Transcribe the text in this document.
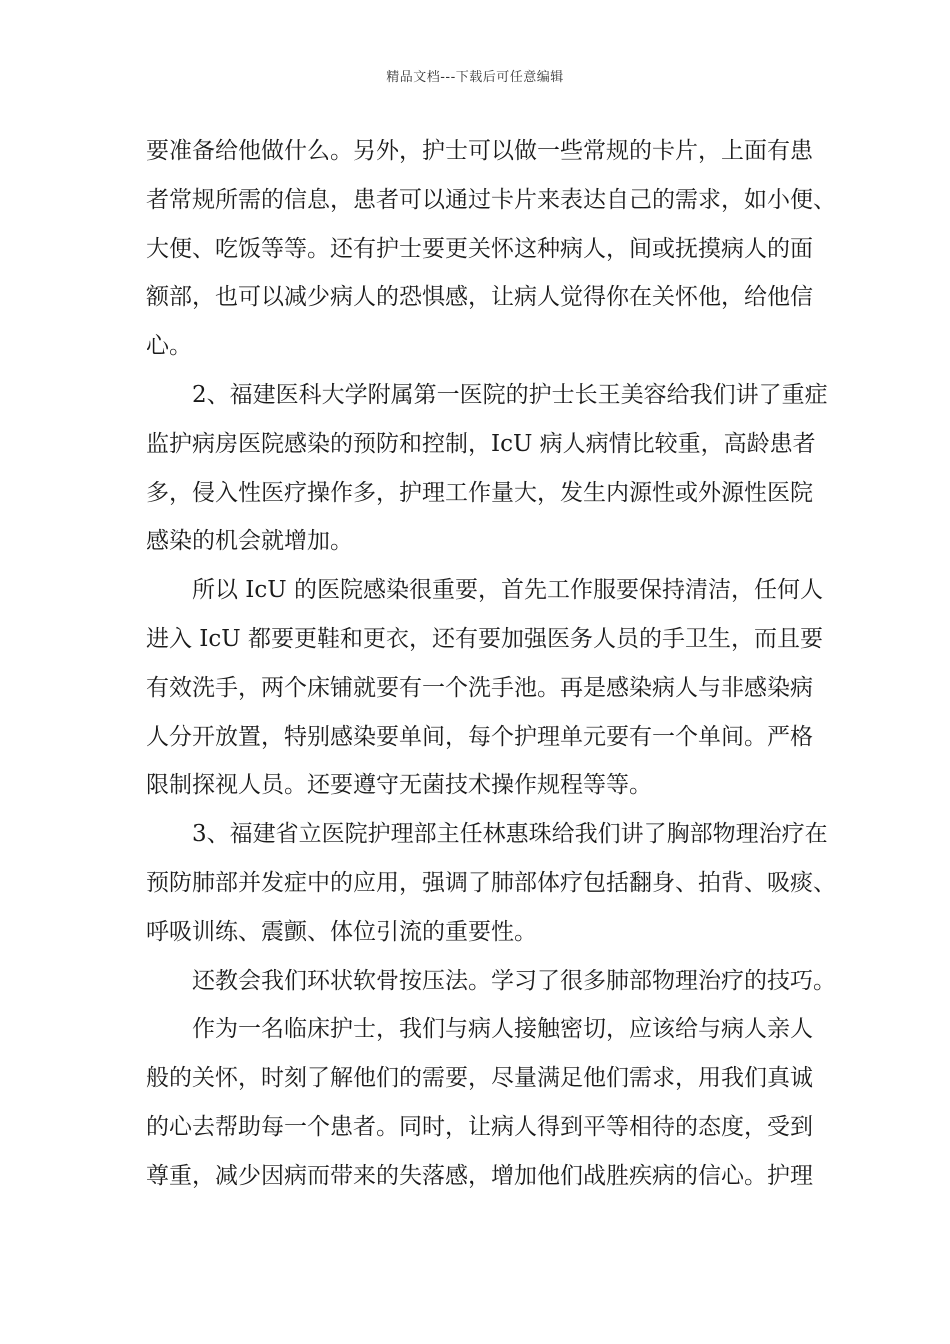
精品文档---下载后可任意编辑
要准备给他做什么。另外，护士可以做一些常规的卡片，上面有患
者常规所需的信息，患者可以通过卡片来表达自己的需求，如小便、
大便、吃饭等等。还有护士要更关怀这种病人，间或抚摸病人的面
额部，也可以减少病人的恐惧感，让病人觉得你在关怀他，给他信
心。
2、福建医科大学附属第一医院的护士长王美容给我们讲了重症
监护病房医院感染的预防和控制，IcU 病人病情比较重，高龄患者
多，侵入性医疗操作多，护理工作量大，发生内源性或外源性医院
感染的机会就增加。
所以 IcU 的医院感染很重要，首先工作服要保持清洁，任何人
进入 IcU 都要更鞋和更衣，还有要加强医务人员的手卫生，而且要
有效洗手，两个床铺就要有一个洗手池。再是感染病人与非感染病
人分开放置，特别感染要单间，每个护理单元要有一个单间。严格
限制探视人员。还要遵守无菌技术操作规程等等。
3、福建省立医院护理部主任林惠珠给我们讲了胸部物理治疗在
预防肺部并发症中的应用，强调了肺部体疗包括翻身、拍背、吸痰、
呼吸训练、震颤、体位引流的重要性。
还教会我们环状软骨按压法。学习了很多肺部物理治疗的技巧。
作为一名临床护士，我们与病人接触密切，应该给与病人亲人
般的关怀，时刻了解他们的需要，尽量满足他们需求，用我们真诚
的心去帮助每一个患者。同时，让病人得到平等相待的态度，受到
尊重，减少因病而带来的失落感，增加他们战胜疾病的信心。护理
